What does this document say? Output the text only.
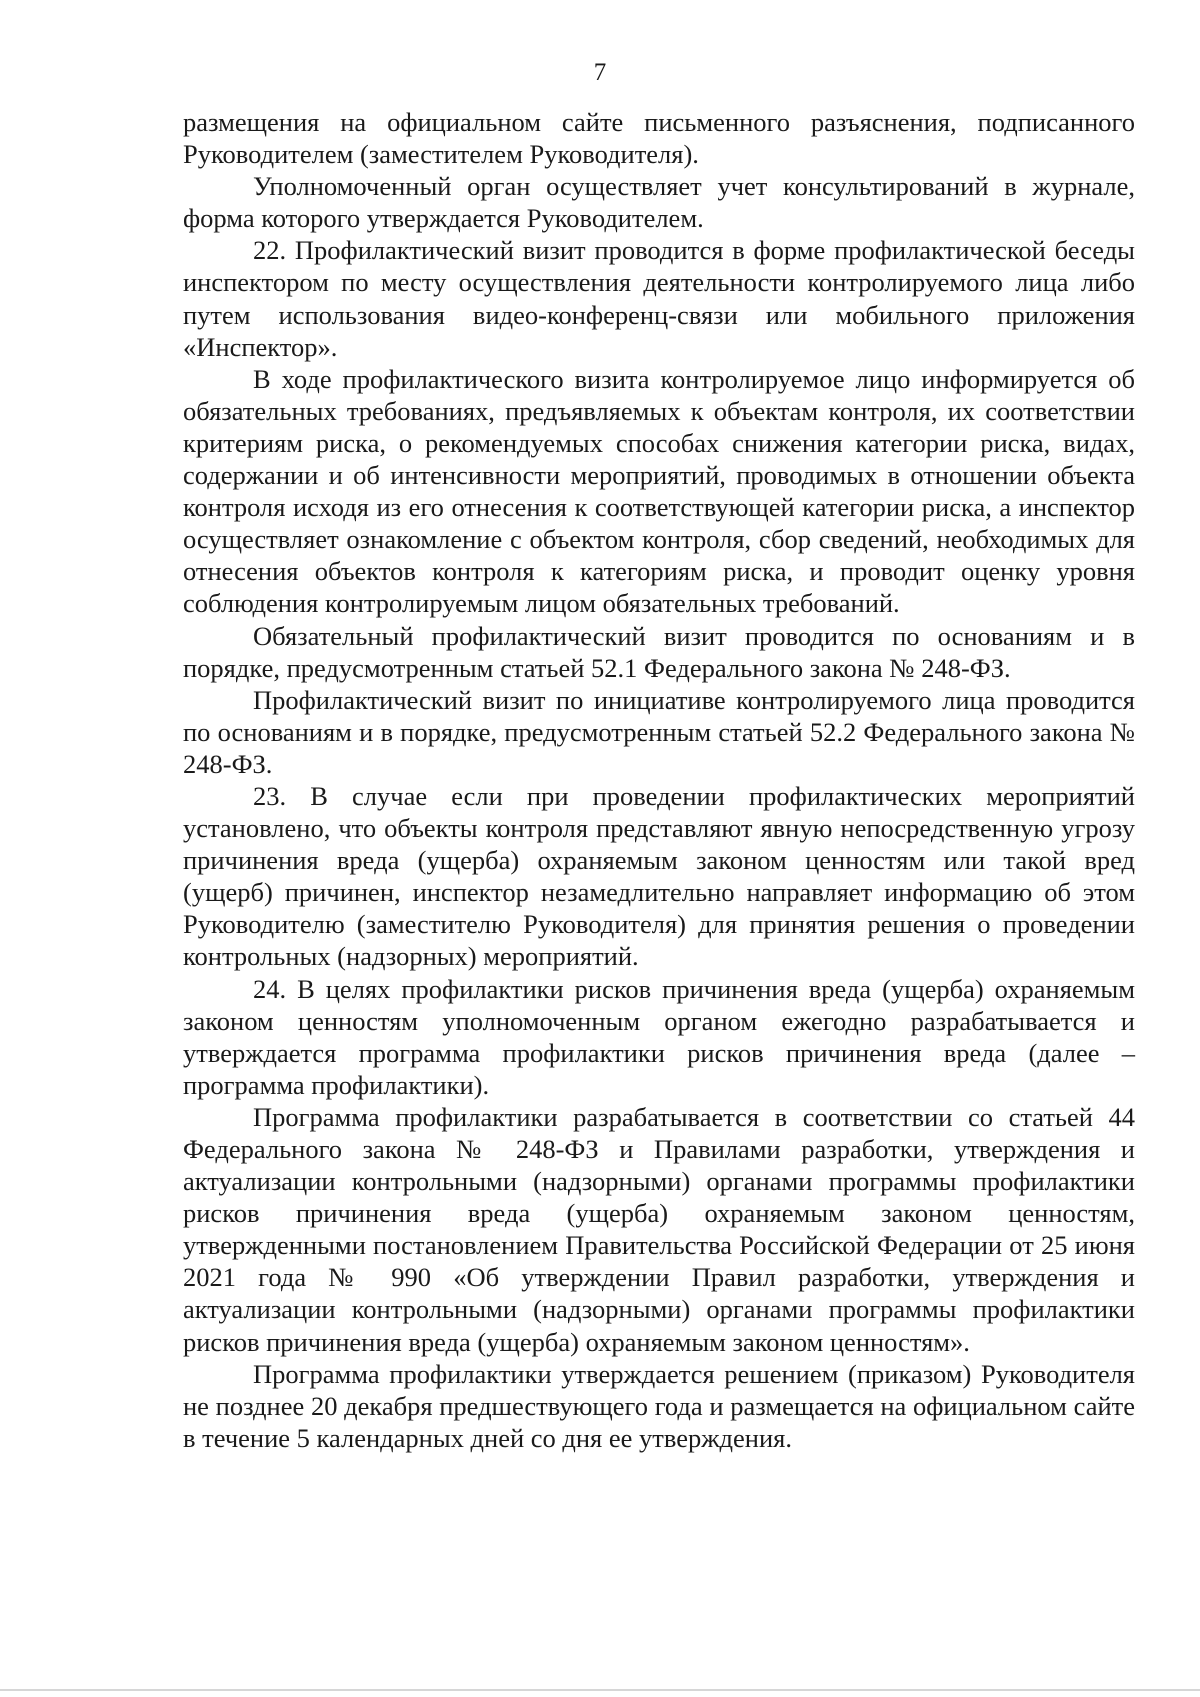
7

размещения на официальном сайте письменного разъяснения, подписанного Руководителем (заместителем Руководителя).

Уполномоченный орган осуществляет учет консультирований в журнале, форма которого утверждается Руководителем.

22. Профилактический визит проводится в форме профилактической беседы инспектором по месту осуществления деятельности контролируемого лица либо путем использования видео-конференц-связи или мобильного приложения «Инспектор».

В ходе профилактического визита контролируемое лицо информируется об обязательных требованиях, предъявляемых к объектам контроля, их соответствии критериям риска, о рекомендуемых способах снижения категории риска, видах, содержании и об интенсивности мероприятий, проводимых в отношении объекта контроля исходя из его отнесения к соответствующей категории риска, а инспектор осуществляет ознакомление с объектом контроля, сбор сведений, необходимых для отнесения объектов контроля к категориям риска, и проводит оценку уровня соблюдения контролируемым лицом обязательных требований.

Обязательный профилактический визит проводится по основаниям и в порядке, предусмотренным статьей 52.1 Федерального закона № 248-ФЗ.

Профилактический визит по инициативе контролируемого лица проводится по основаниям и в порядке, предусмотренным статьей 52.2 Федерального закона № 248-ФЗ.

23. В случае если при проведении профилактических мероприятий установлено, что объекты контроля представляют явную непосредственную угрозу причинения вреда (ущерба) охраняемым законом ценностям или такой вред (ущерб) причинен, инспектор незамедлительно направляет информацию об этом Руководителю (заместителю Руководителя) для принятия решения о проведении контрольных (надзорных) мероприятий.

24. В целях профилактики рисков причинения вреда (ущерба) охраняемым законом ценностям уполномоченным органом ежегодно разрабатывается и утверждается программа профилактики рисков причинения вреда (далее – программа профилактики).

Программа профилактики разрабатывается в соответствии со статьей 44 Федерального закона № 248-ФЗ и Правилами разработки, утверждения и актуализации контрольными (надзорными) органами программы профилактики рисков причинения вреда (ущерба) охраняемым законом ценностям, утвержденными постановлением Правительства Российской Федерации от 25 июня 2021 года № 990 «Об утверждении Правил разработки, утверждения и актуализации контрольными (надзорными) органами программы профилактики рисков причинения вреда (ущерба) охраняемым законом ценностям».

Программа профилактики утверждается решением (приказом) Руководителя не позднее 20 декабря предшествующего года и размещается на официальном сайте в течение 5 календарных дней со дня ее утверждения.
